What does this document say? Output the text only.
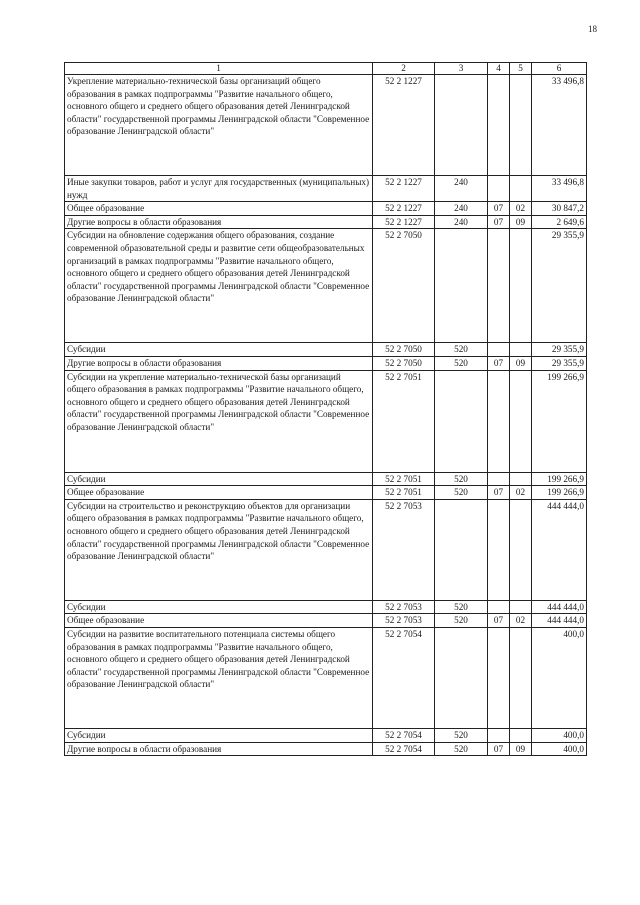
18
1	2	3	4	5	6
Укрепление материально-технической базы организаций общего образования в рамках подпрограммы "Развитие начального общего, основного общего и среднего общего образования детей Ленинградской области" государственной программы Ленинградской области "Современное образование Ленинградской области"	52 2 1227				33 496,8
Иные закупки товаров, работ и услуг для государственных (муниципальных) нужд	52 2 1227	240			33 496,8
Общее образование	52 2 1227	240	07	02	30 847,2
Другие вопросы в области образования	52 2 1227	240	07	09	2 649,6
Субсидии на обновление содержания общего образования, создание современной образовательной среды и развитие сети общеобразовательных организаций в рамках подпрограммы "Развитие начального общего, основного общего и среднего общего образования детей Ленинградской области" государственной программы Ленинградской области "Современное образование Ленинградской области"	52 2 7050				29 355,9
Субсидии	52 2 7050	520			29 355,9
Другие вопросы в области образования	52 2 7050	520	07	09	29 355,9
Субсидии на укрепление материально-технической базы организаций общего образования в рамках подпрограммы "Развитие начального общего, основного общего и среднего общего образования детей Ленинградской области" государственной программы Ленинградской области "Современное образование Ленинградской области"	52 2 7051				199 266,9
Субсидии	52 2 7051	520			199 266,9
Общее образование	52 2 7051	520	07	02	199 266,9
Субсидии на строительство и реконструкцию объектов для организации общего образования в рамках подпрограммы "Развитие начального общего, основного общего и среднего общего образования детей Ленинградской области" государственной программы Ленинградской области "Современное образование Ленинградской области"	52 2 7053				444 444,0
Субсидии	52 2 7053	520			444 444,0
Общее образование	52 2 7053	520	07	02	444 444,0
Субсидии на развитие воспитательного потенциала системы общего образования в рамках подпрограммы "Развитие начального общего, основного общего и среднего общего образования детей Ленинградской области" государственной программы Ленинградской области "Современное образование Ленинградской области"	52 2 7054				400,0
Субсидии	52 2 7054	520			400,0
Другие вопросы в области образования	52 2 7054	520	07	09	400,0
